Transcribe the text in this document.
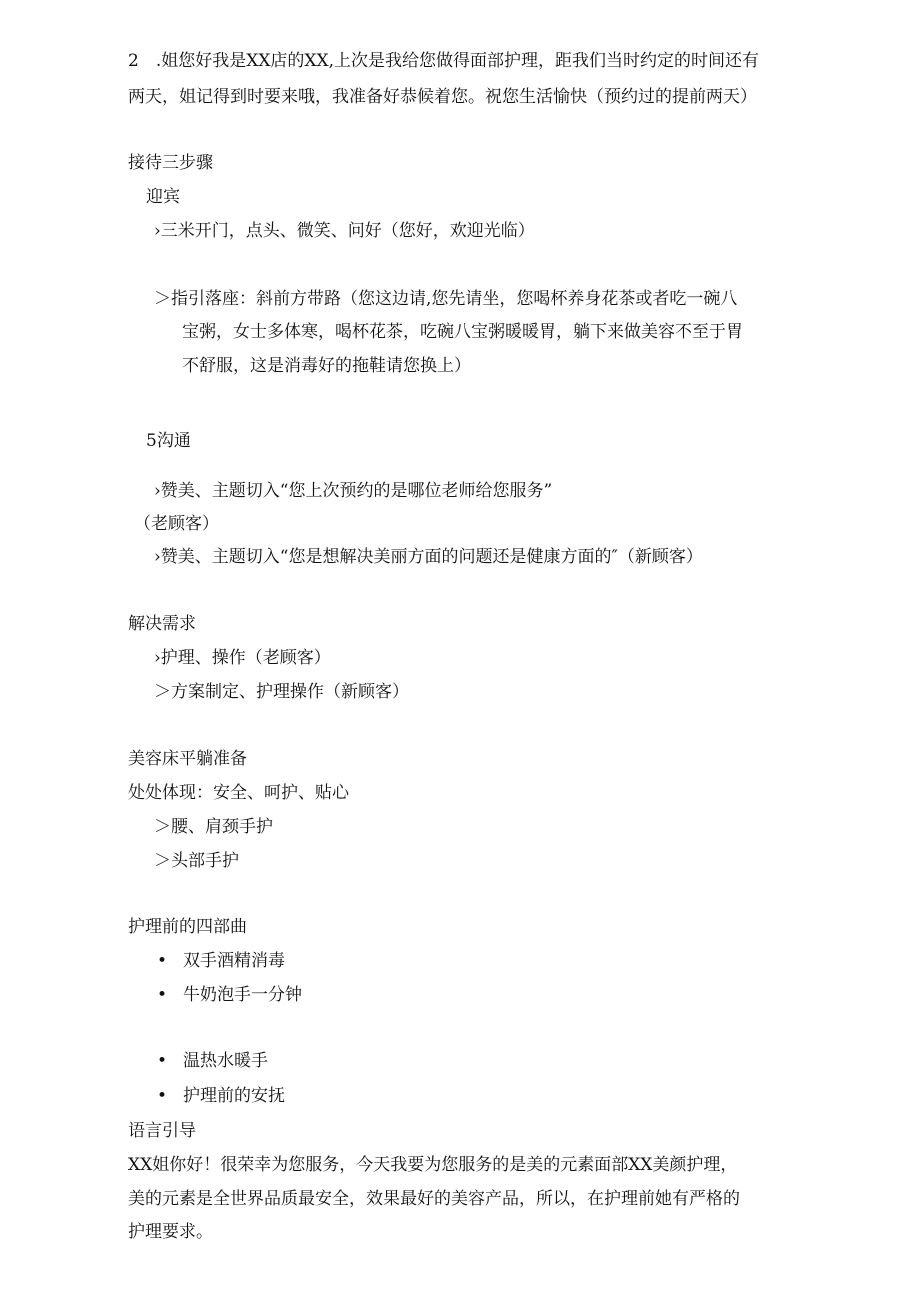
2　.姐您好我是XX店的XX,上次是我给您做得面部护理，距我们当时约定的时间还有
两天，姐记得到时要来哦，我准备好恭候着您。祝您生活愉快（预约过的提前两天）
接待三步骤
迎宾
›三米开门，点头、微笑、问好（您好，欢迎光临）
＞指引落座：斜前方带路（您这边请,您先请坐，您喝杯养身花茶或者吃一碗八
宝粥，女士多体寒，喝杯花茶，吃碗八宝粥暖暖胃，躺下来做美容不至于胃
不舒服，这是消毒好的拖鞋请您换上）
5沟通
›赞美、主题切入“您上次预约的是哪位老师给您服务”
（老顾客）
›赞美、主题切入“您是想解决美丽方面的问题还是健康方面的″（新顾客）
解决需求
›护理、操作（老顾客）
＞方案制定、护理操作（新顾客）
美容床平躺准备
处处体现：安全、呵护、贴心
＞腰、肩颈手护
＞头部手护
护理前的四部曲
• 双手酒精消毒
• 牛奶泡手一分钟
• 温热水暖手
• 护理前的安抚
语言引导
XX姐你好！很荣幸为您服务，今天我要为您服务的是美的元素面部XX美颜护理，
美的元素是全世界品质最安全，效果最好的美容产品，所以，在护理前她有严格的
护理要求。
